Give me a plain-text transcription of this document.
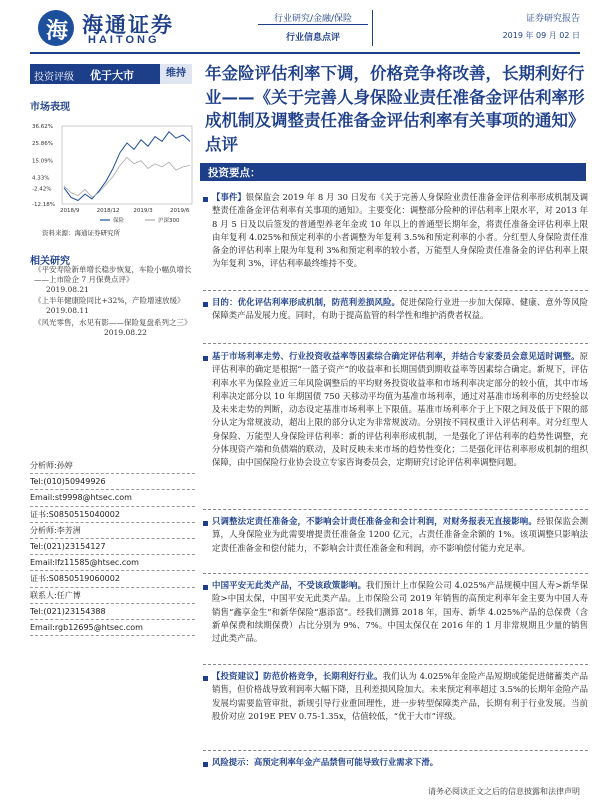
海 海通证券
HAITONG
行业研究/金融/保险
行业信息点评
证券研究报告
2019 年 09 月 02 日
投资评级 优于大市	维持	年金险评估利率下调，价格竞争将改善，长期利好行业——《关于完善人身保险业责任准备金评估利率形成机制及调整责任准备金评估利率有关事项的通知》点评
市场表现
36.62%
25.86%
15.09%
4.33%
-2.42%
-12.18%
2018/9	2018/12	2019/3	2019/6
保险	沪深300
资料来源：海通证券研究所
相关研究
《平安寿险新单增长稳步恢复，车险小幅负增长——上市险企 7 月保费点评》
2019.08.21
《上半年健康险同比+32%，产险增速放缓》
2019.08.11
《风光零售，水见有影——保险复盘系列之三》
2019.08.22
分析师:孙婷
Tel:(010)50949926
Email:st9998@htsec.com
证书:S0850515040002
分析师:李芳洲
Tel:(021)23154127
Email:lfz11585@htsec.com
证书:S0850519060002
联系人:任广博
Tel:(021)23154388
Email:rgb12695@htsec.com
投资要点：
【事件】银保监会 2019 年 8 月 30 日发布《关于完善人身保险业责任准备金评估利率形成机制及调整责任准备金评估利率有关事项的通知》。主要变化：调整部分险种的评估利率上限水平，对 2013 年 8 月 5 日及以后签发的普通型养老年金或 10 年以上的普通型长期年金，将责任准备金评估利率上限由年复利 4.025%和预定利率的小者调整为年复利 3.5%和预定利率的小者。分红型人身保险责任准备金的评估利率上限为年复利 3%和预定利率的较小者，万能型人身保险责任准备金的评估利率上限为年复利 3%，评估利率最终维持不变。
目的：优化评估利率形成机制，防范利差损风险。促进保险行业进一步加大保障、健康、意外等风险保障类产品发展力度。同时，有助于提高监管的科学性和维护消费者权益。
基于市场利率走势、行业投资收益率等因素综合确定评估利率，并结合专家委员会意见适时调整。原评估利率的确定是根据“一篮子资产”的收益率和长期国债到期收益率等因素综合确定。新规下，评估利率水平为保险业近三年风险调整后的平均财务投资收益率和市场利率决定部分的较小值，其中市场利率决定部分以 10 年期国债 750 天移动平均值为基准市场利率，通过对基准市场利率的历史经验以及未来走势的判断，动态设定基准市场利率上下限值。基准市场利率介于上下限之间及低于下限的部分认定为常规波动，超出上限的部分认定为非常规波动。分别按不同权重计入评估利率。对分红型人身保险、万能型人身保险评估利率：新的评估利率形成机制，一是强化了评估利率的趋势性调整，充分体现资产端和负债端的联动，及时反映未来市场的趋势性变化；二是强化评估利率形成机制的组织保障，由中国保险行业协会设立专家咨询委员会，定期研究讨论评估利率调整问题。
只调整法定责任准备金，不影响会计责任准备金和会计利润，对财务报表无直接影响。经银保监会测算，人身保险业为此需要增提责任准备金 1200 亿元，占责任准备金余额的 1%。该项调整只影响法定责任准备金和偿付能力，不影响会计责任准备金和利润，亦不影响偿付能力充足率。
中国平安无此类产品，不受该政策影响。我们预计上市保险公司 4.025%产品规模中国人寿>新华保险>中国太保，中国平安无此类产品。上市保险公司 2019 年销售的高预定利率年金主要为中国人寿销售“鑫享金生”和新华保险“惠添富”。经我们测算 2018 年，国寿、新华 4.025%产品的总保费（含新单保费和续期保费）占比分别为 9%、7%。中国太保仅在 2016 年的 1 月非常规期且少量的销售过此类产品。
【投资建议】防范价格竞争，长期利好行业。我们认为 4.025%年金险产品短期或能促进储蓄类产品销售，但价格战导致利润率大幅下降，且利差损风险加大。未来预定利率超过 3.5%的长期年金险产品发展均需要监管审批，新规引导行业重回理性，进一步转型保障类产品，长期有利于行业发展。当前股价对应 2019E PEV 0.75-1.35x，估值较低，“优于大市”评级。
风险提示：高预定利率年金产品禁售可能导致行业需求下滑。
请务必阅读正文之后的信息披露和法律声明
